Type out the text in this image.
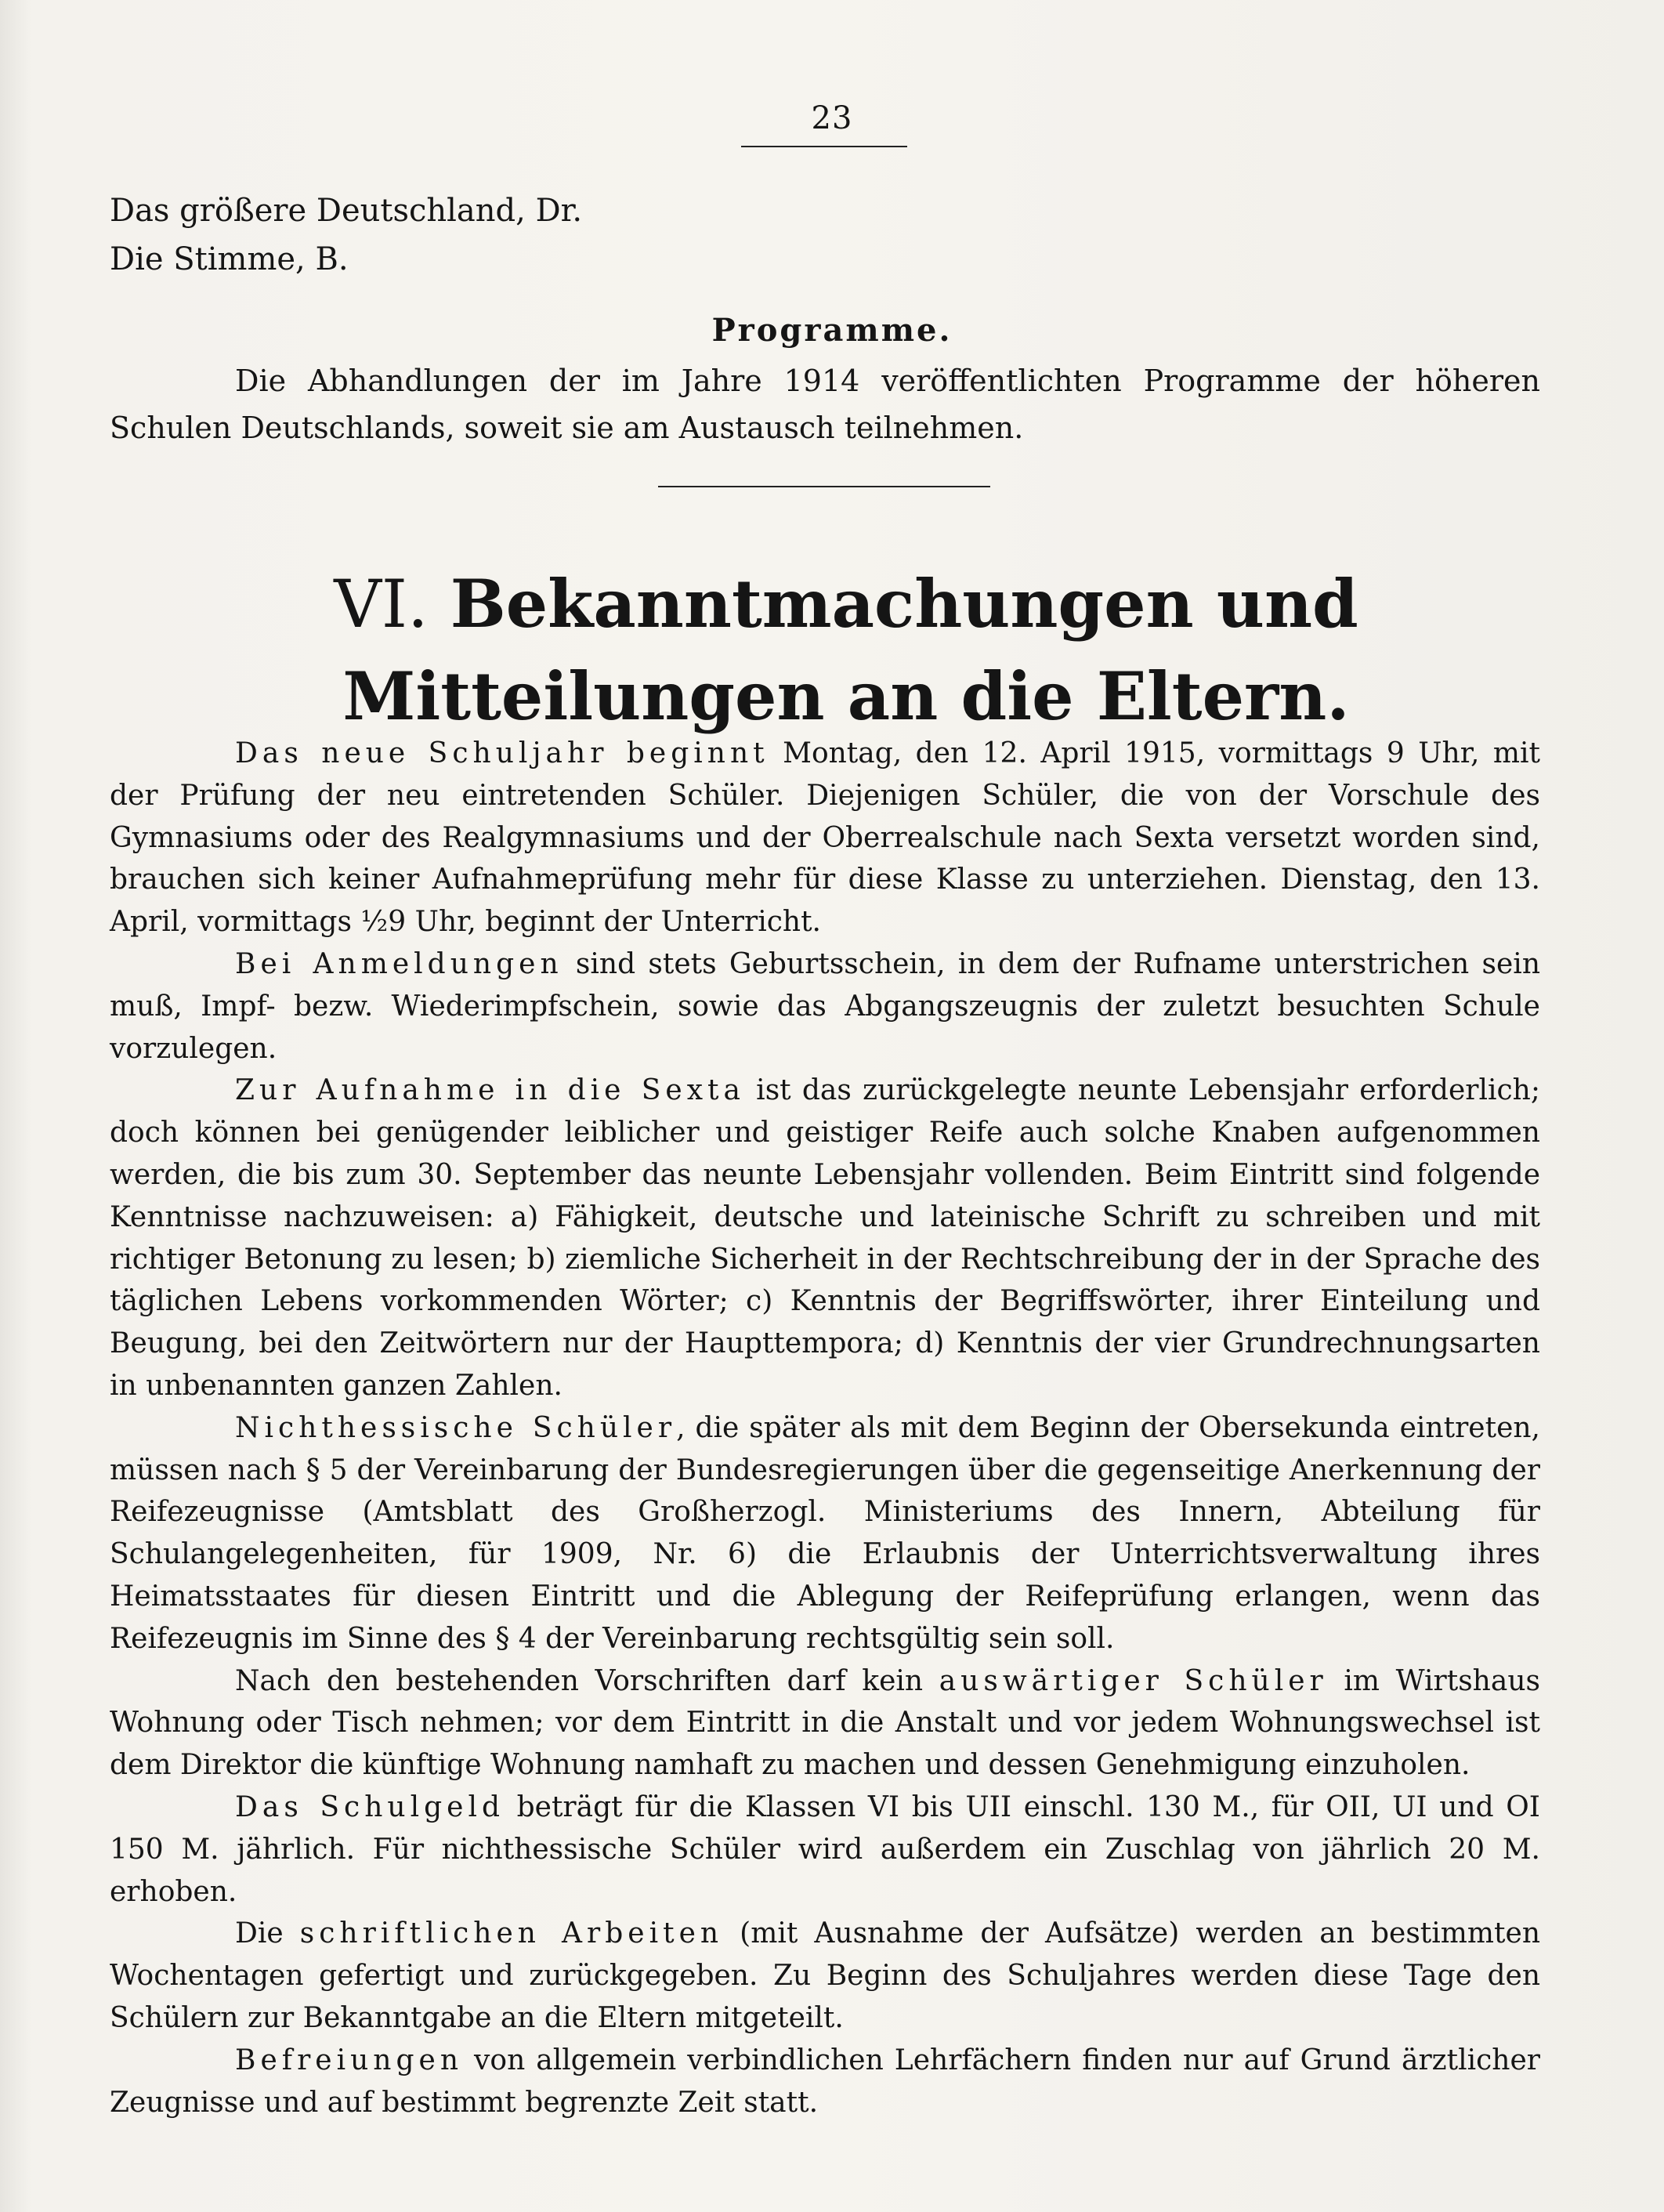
23
Das größere Deutschland, Dr.
Die Stimme, B.
Programme.
Die Abhandlungen der im Jahre 1914 veröffentlichten Programme der höheren Schulen Deutschlands, soweit sie am Austausch teilnehmen.
VI. Bekanntmachungen und Mitteilungen an die Eltern.

Das neue Schuljahr beginnt Montag, den 12. April 1915, vormittags 9 Uhr, mit der Prüfung der neu eintretenden Schüler. Diejenigen Schüler, die von der Vorschule des Gymnasiums oder des Realgymnasiums und der Oberrealschule nach Sexta versetzt worden sind, brauchen sich keiner Aufnahmeprüfung mehr für diese Klasse zu unterziehen. Dienstag, den 13. April, vormittags ½9 Uhr, beginnt der Unterricht.

Bei Anmeldungen sind stets Geburtsschein, in dem der Rufname unterstrichen sein muß, Impf- bezw. Wiederimpfschein, sowie das Abgangszeugnis der zuletzt besuchten Schule vorzulegen.

Zur Aufnahme in die Sexta ist das zurückgelegte neunte Lebensjahr erforderlich; doch können bei genügender leiblicher und geistiger Reife auch solche Knaben aufgenommen werden, die bis zum 30. September das neunte Lebensjahr vollenden. Beim Eintritt sind folgende Kenntnisse nachzuweisen: a) Fähigkeit, deutsche und lateinische Schrift zu schreiben und mit richtiger Betonung zu lesen; b) ziemliche Sicherheit in der Rechtschreibung der in der Sprache des täglichen Lebens vorkommenden Wörter; c) Kenntnis der Begriffswörter, ihrer Einteilung und Beugung, bei den Zeitwörtern nur der Haupttempora; d) Kenntnis der vier Grundrechnungsarten in unbenannten ganzen Zahlen.

Nichthessische Schüler, die später als mit dem Beginn der Obersekunda eintreten, müssen nach § 5 der Vereinbarung der Bundesregierungen über die gegenseitige Anerkennung der Reifezeugnisse (Amtsblatt des Großherzogl. Ministeriums des Innern, Abteilung für Schulangelegenheiten, für 1909, Nr. 6) die Erlaubnis der Unterrichtsverwaltung ihres Heimatsstaates für diesen Eintritt und die Ablegung der Reifeprüfung erlangen, wenn das Reifezeugnis im Sinne des § 4 der Vereinbarung rechtsgültig sein soll.

Nach den bestehenden Vorschriften darf kein auswärtiger Schüler im Wirtshaus Wohnung oder Tisch nehmen; vor dem Eintritt in die Anstalt und vor jedem Wohnungswechsel ist dem Direktor die künftige Wohnung namhaft zu machen und dessen Genehmigung einzuholen.

Das Schulgeld beträgt für die Klassen VI bis UII einschl. 130 M., für OII, UI und OI 150 M. jährlich. Für nichthessische Schüler wird außerdem ein Zuschlag von jährlich 20 M. erhoben.

Die schriftlichen Arbeiten (mit Ausnahme der Aufsätze) werden an bestimmten Wochentagen gefertigt und zurückgegeben. Zu Beginn des Schuljahres werden diese Tage den Schülern zur Bekanntgabe an die Eltern mitgeteilt.

Befreiungen von allgemein verbindlichen Lehrfächern finden nur auf Grund ärztlicher Zeugnisse und auf bestimmt begrenzte Zeit statt.
